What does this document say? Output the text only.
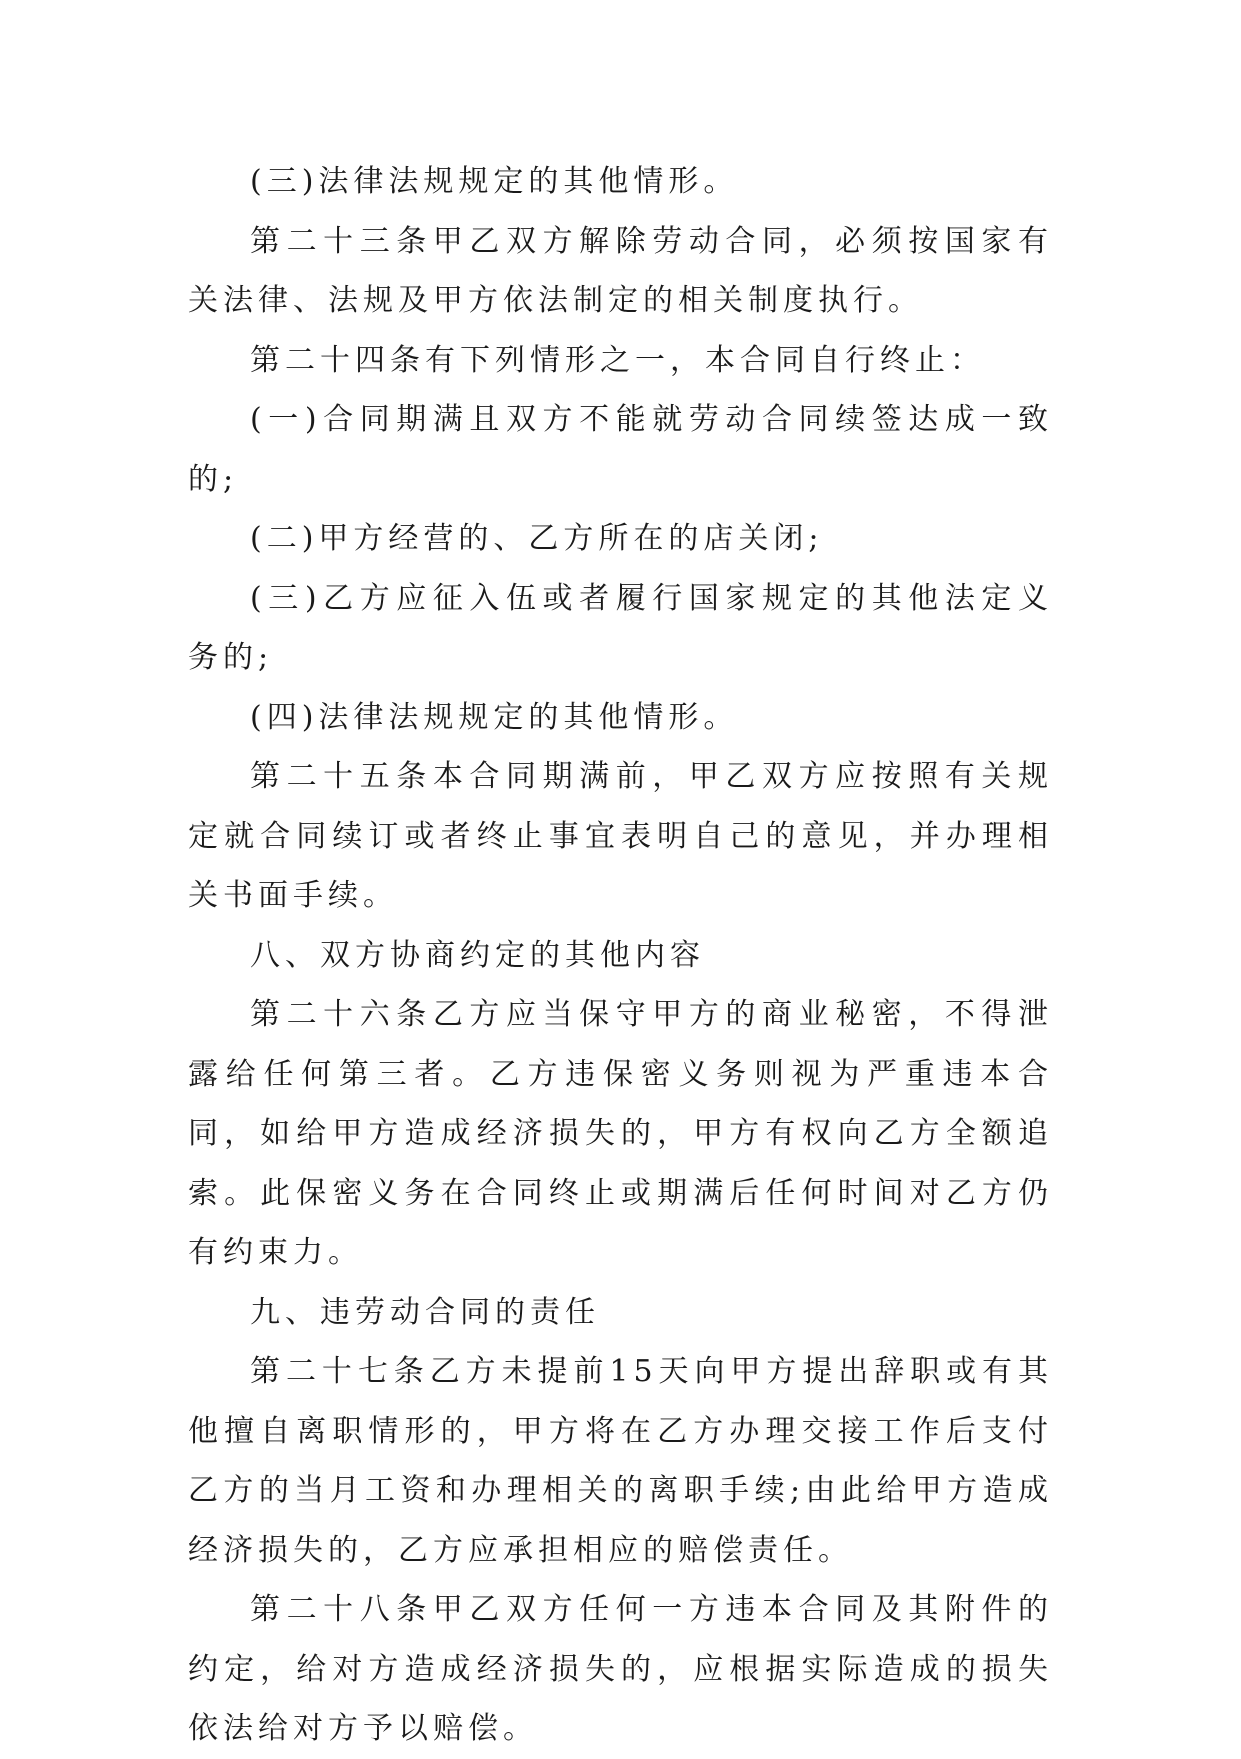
(三)法律法规规定的其他情形。

第二十三条甲乙双方解除劳动合同，必须按国家有关法律、法规及甲方依法制定的相关制度执行。

第二十四条有下列情形之一，本合同自行终止：

(一)合同期满且双方不能就劳动合同续签达成一致的;

(二)甲方经营的、乙方所在的店关闭;

(三)乙方应征入伍或者履行国家规定的其他法定义务的;

(四)法律法规规定的其他情形。

第二十五条本合同期满前，甲乙双方应按照有关规定就合同续订或者终止事宜表明自己的意见，并办理相关书面手续。

八、双方协商约定的其他内容

第二十六条乙方应当保守甲方的商业秘密，不得泄露给任何第三者。乙方违保密义务则视为严重违本合同，如给甲方造成经济损失的，甲方有权向乙方全额追索。此保密义务在合同终止或期满后任何时间对乙方仍有约束力。

九、违劳动合同的责任

第二十七条乙方未提前15天向甲方提出辞职或有其他擅自离职情形的，甲方将在乙方办理交接工作后支付乙方的当月工资和办理相关的离职手续;由此给甲方造成经济损失的，乙方应承担相应的赔偿责任。

第二十八条甲乙双方任何一方违本合同及其附件的约定，给对方造成经济损失的，应根据实际造成的损失依法给对方予以赔偿。
